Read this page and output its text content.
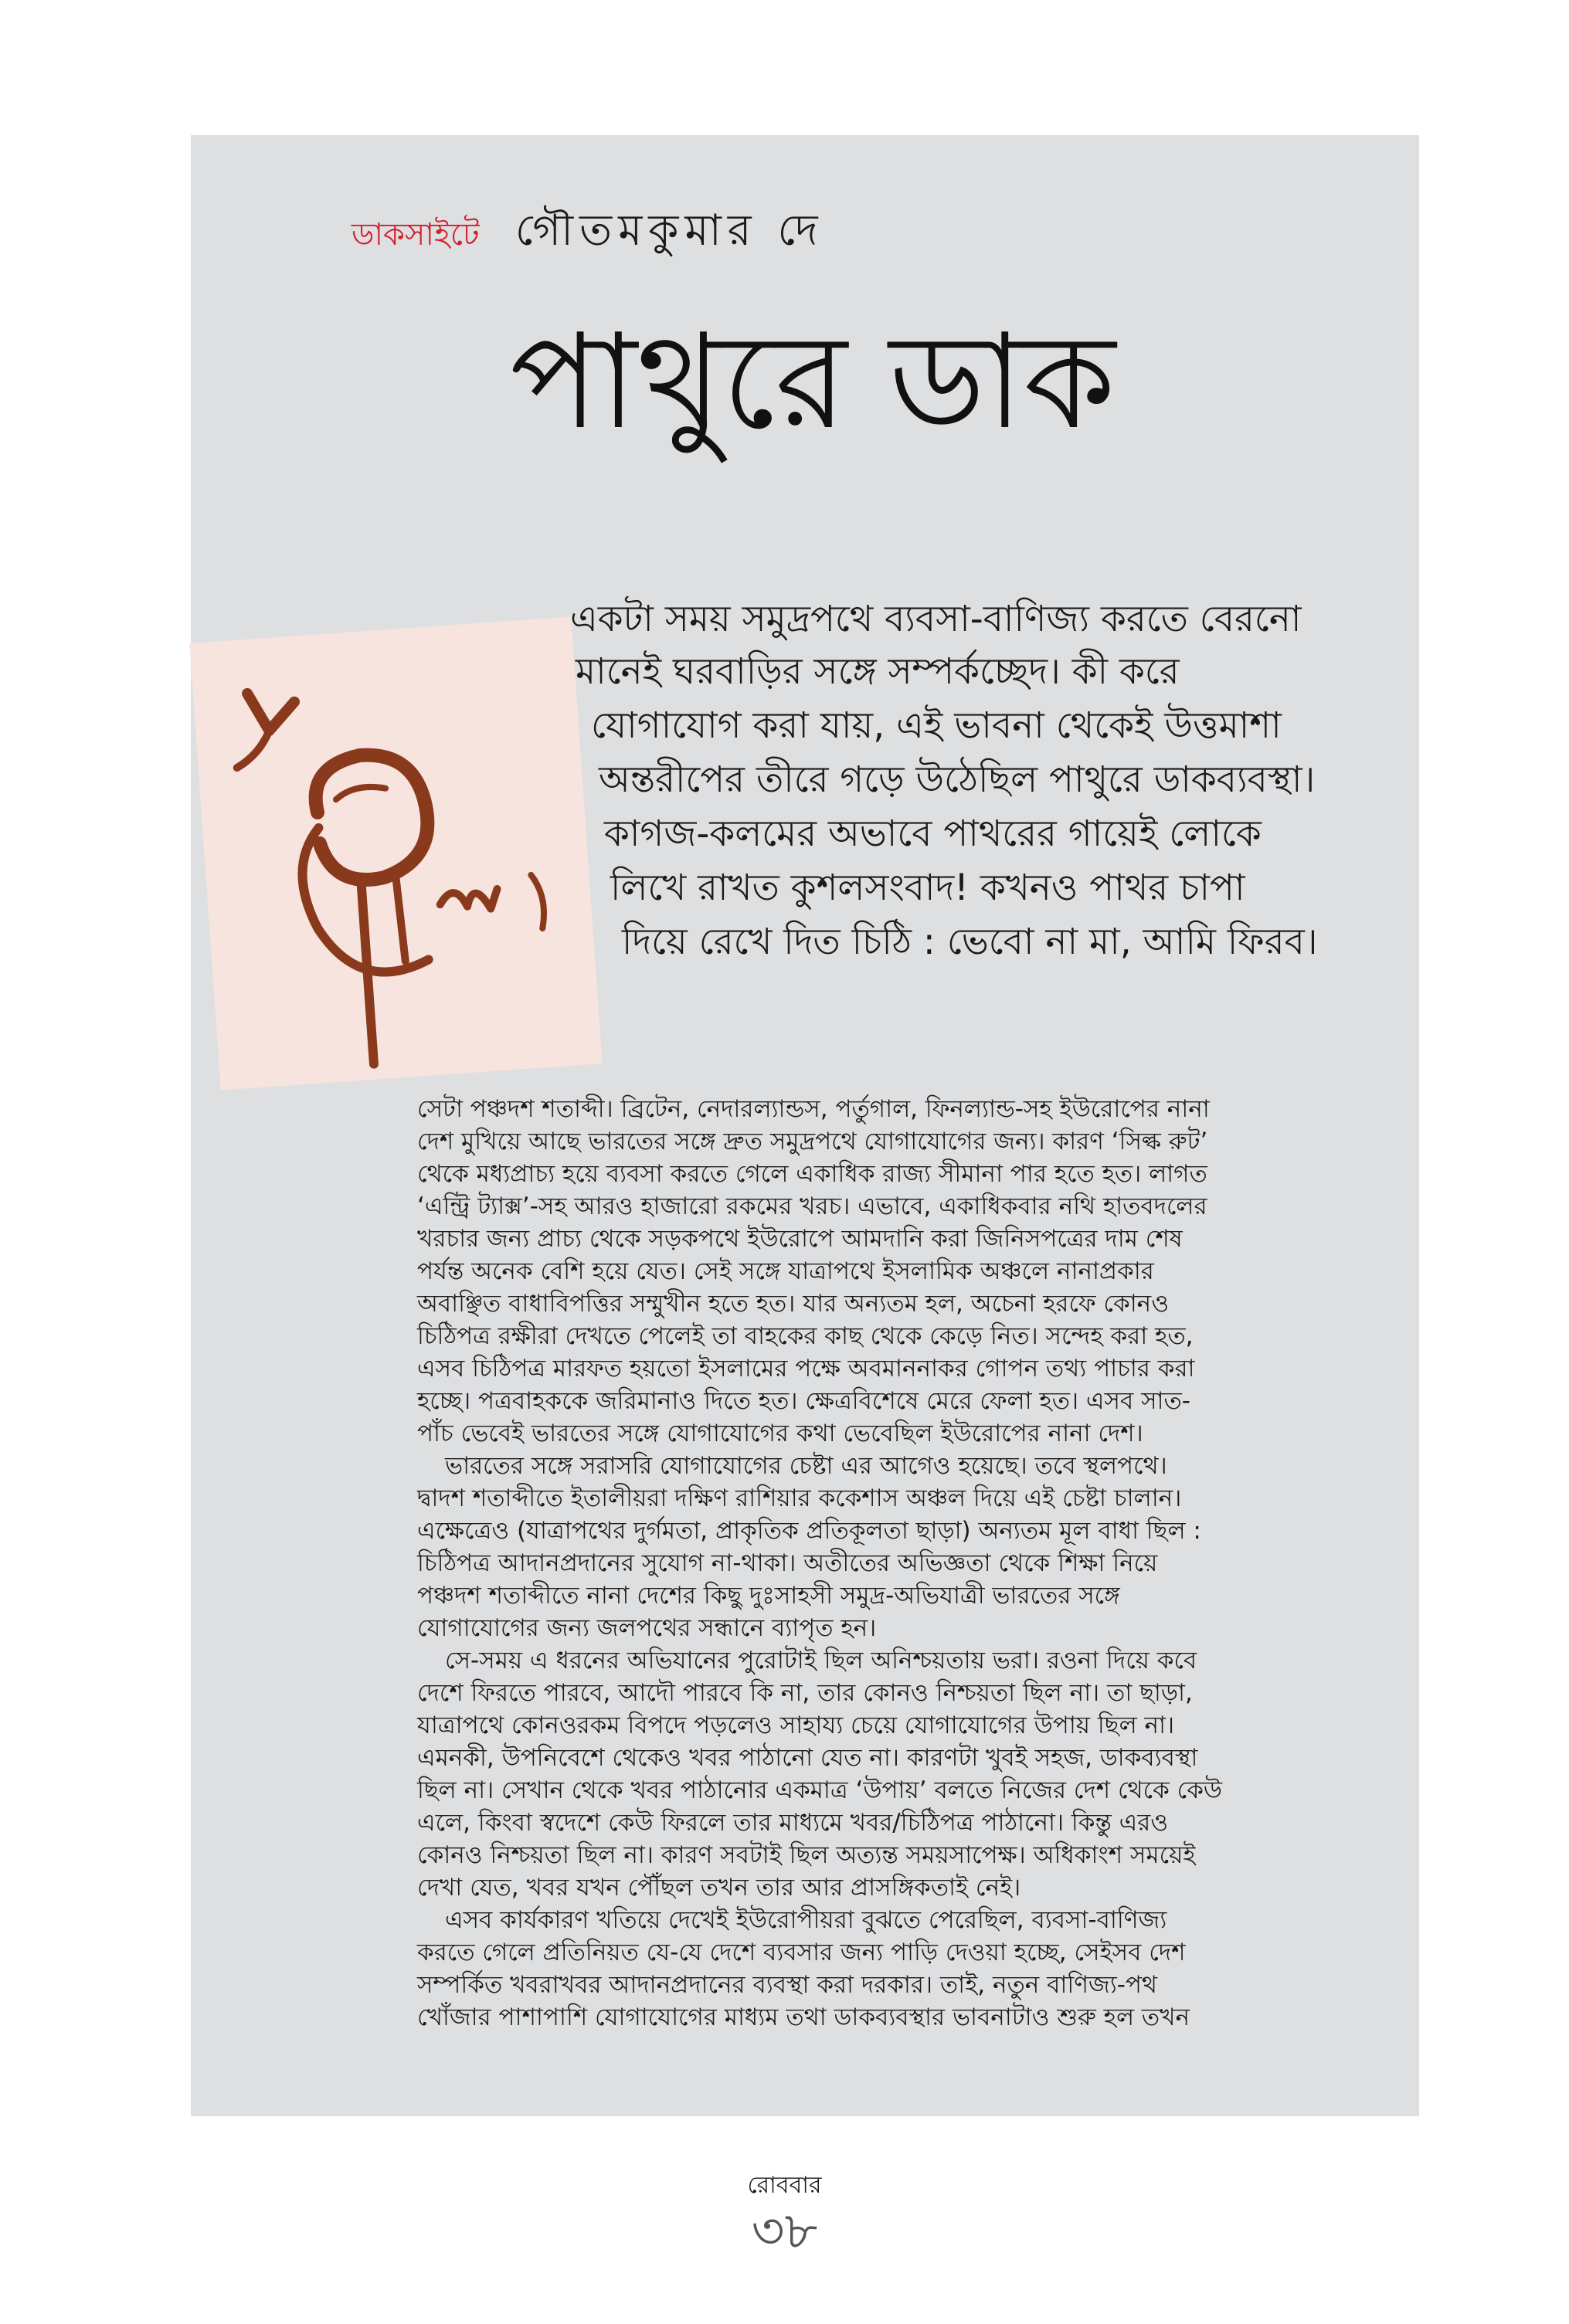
ডাকসাইটে গৌতমকুমার দে
পাথুরে ডাক
একটা সময় সমুদ্রপথে ব্যবসা-বাণিজ্য করতে বেরনো
মানেই ঘরবাড়ির সঙ্গে সম্পর্কচ্ছেদ। কী করে
যোগাযোগ করা যায়, এই ভাবনা থেকেই উত্তমাশা
অন্তরীপের তীরে গড়ে উঠেছিল পাথুরে ডাকব্যবস্থা।
কাগজ-কলমের অভাবে পাথরের গায়েই লোকে
লিখে রাখত কুশলসংবাদ! কখনও পাথর চাপা
দিয়ে রেখে দিত চিঠি : ভেবো না মা, আমি ফিরব।
সেটা পঞ্চদশ শতাব্দী। ব্রিটেন, নেদারল্যান্ডস, পর্তুগাল, ফিনল্যান্ড-সহ ইউরোপের নানা
দেশ মুখিয়ে আছে ভারতের সঙ্গে দ্রুত সমুদ্রপথে যোগাযোগের জন্য। কারণ ‘সিল্ক রুট’
থেকে মধ্যপ্রাচ্য হয়ে ব্যবসা করতে গেলে একাধিক রাজ্য সীমানা পার হতে হত। লাগত
‘এন্ট্রি ট্যাক্স’-সহ আরও হাজারো রকমের খরচ। এভাবে, একাধিকবার নথি হাতবদলের
খরচার জন্য প্রাচ্য থেকে সড়কপথে ইউরোপে আমদানি করা জিনিসপত্রের দাম শেষ
পর্যন্ত অনেক বেশি হয়ে যেত। সেই সঙ্গে যাত্রাপথে ইসলামিক অঞ্চলে নানাপ্রকার
অবাঞ্ছিত বাধাবিপত্তির সম্মুখীন হতে হত। যার অন্যতম হল, অচেনা হরফে কোনও
চিঠিপত্র রক্ষীরা দেখতে পেলেই তা বাহকের কাছ থেকে কেড়ে নিত। সন্দেহ করা হত,
এসব চিঠিপত্র মারফত হয়তো ইসলামের পক্ষে অবমাননাকর গোপন তথ্য পাচার করা
হচ্ছে। পত্রবাহককে জরিমানাও দিতে হত। ক্ষেত্রবিশেষে মেরে ফেলা হত। এসব সাত-
পাঁচ ভেবেই ভারতের সঙ্গে যোগাযোগের কথা ভেবেছিল ইউরোপের নানা দেশ।
ভারতের সঙ্গে সরাসরি যোগাযোগের চেষ্টা এর আগেও হয়েছে। তবে স্থলপথে।
দ্বাদশ শতাব্দীতে ইতালীয়রা দক্ষিণ রাশিয়ার ককেশাস অঞ্চল দিয়ে এই চেষ্টা চালান।
এক্ষেত্রেও (যাত্রাপথের দুর্গমতা, প্রাকৃতিক প্রতিকূলতা ছাড়া) অন্যতম মূল বাধা ছিল :
চিঠিপত্র আদানপ্রদানের সুযোগ না-থাকা। অতীতের অভিজ্ঞতা থেকে শিক্ষা নিয়ে
পঞ্চদশ শতাব্দীতে নানা দেশের কিছু দুঃসাহসী সমুদ্র-অভিযাত্রী ভারতের সঙ্গে
যোগাযোগের জন্য জলপথের সন্ধানে ব্যাপৃত হন।
সে-সময় এ ধরনের অভিযানের পুরোটাই ছিল অনিশ্চয়তায় ভরা। রওনা দিয়ে কবে
দেশে ফিরতে পারবে, আদৌ পারবে কি না, তার কোনও নিশ্চয়তা ছিল না। তা ছাড়া,
যাত্রাপথে কোনওরকম বিপদে পড়লেও সাহায্য চেয়ে যোগাযোগের উপায় ছিল না।
এমনকী, উপনিবেশে থেকেও খবর পাঠানো যেত না। কারণটা খুবই সহজ, ডাকব্যবস্থা
ছিল না। সেখান থেকে খবর পাঠানোর একমাত্র ‘উপায়’ বলতে নিজের দেশ থেকে কেউ
এলে, কিংবা স্বদেশে কেউ ফিরলে তার মাধ্যমে খবর/চিঠিপত্র পাঠানো। কিন্তু এরও
কোনও নিশ্চয়তা ছিল না। কারণ সবটাই ছিল অত্যন্ত সময়সাপেক্ষ। অধিকাংশ সময়েই
দেখা যেত, খবর যখন পৌঁছল তখন তার আর প্রাসঙ্গিকতাই নেই।
এসব কার্যকারণ খতিয়ে দেখেই ইউরোপীয়রা বুঝতে পেরেছিল, ব্যবসা-বাণিজ্য
করতে গেলে প্রতিনিয়ত যে-যে দেশে ব্যবসার জন্য পাড়ি দেওয়া হচ্ছে, সেইসব দেশ
সম্পর্কিত খবরাখবর আদানপ্রদানের ব্যবস্থা করা দরকার। তাই, নতুন বাণিজ্য-পথ
খোঁজার পাশাপাশি যোগাযোগের মাধ্যম তথা ডাকব্যবস্থার ভাবনাটাও শুরু হল তখন
রোববার
৩৮
